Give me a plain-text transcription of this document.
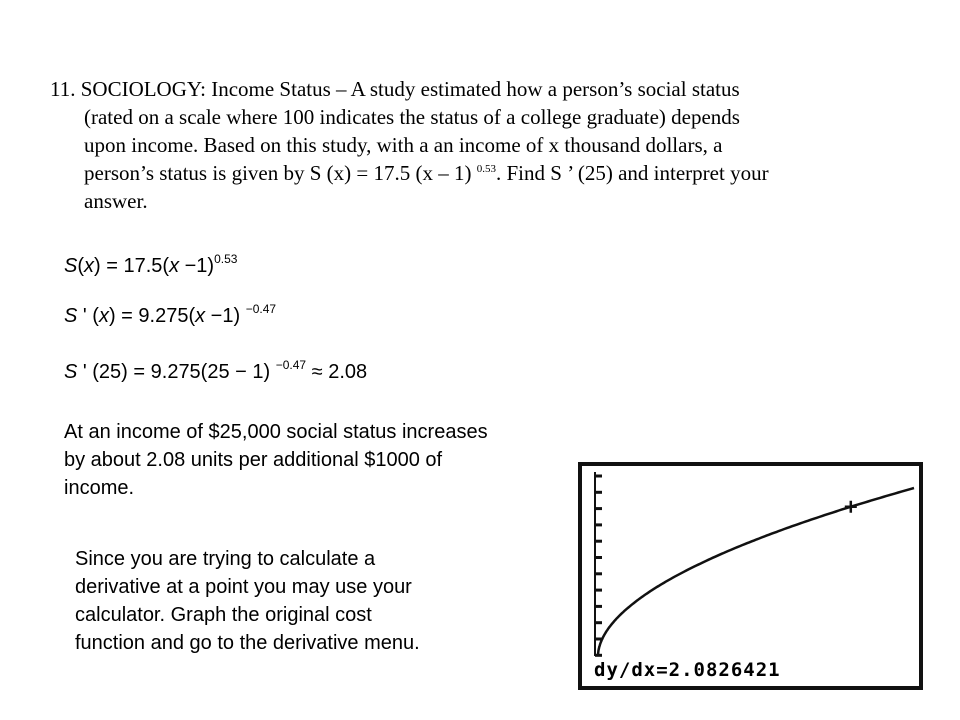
11. SOCIOLOGY: Income Status – A study estimated how a person’s social status
(rated on a scale where 100 indicates the status of a college graduate) depends
upon income. Based on this study, with a an income of x thousand dollars, a
person’s status is given by S (x) = 17.5 (x – 1) $^{0.53}$. Find S ’ (25) and interpret your
answer.
$S(x) = 17.5(x -1)^{0.53}$
S ' (x) = 9.275(x −1) $^{-0.47}$
S ' (25) = 9.275(25 − 1) $^{-0.47}$ ≈ 2.08
At an income of $25,000 social status increases
by about 2.08 units per additional $1000 of
income.
Since you are trying to calculate a
derivative at a point you may use your
calculator. Graph the original cost
function and go to the derivative menu.
dy/dx=2.0826421
